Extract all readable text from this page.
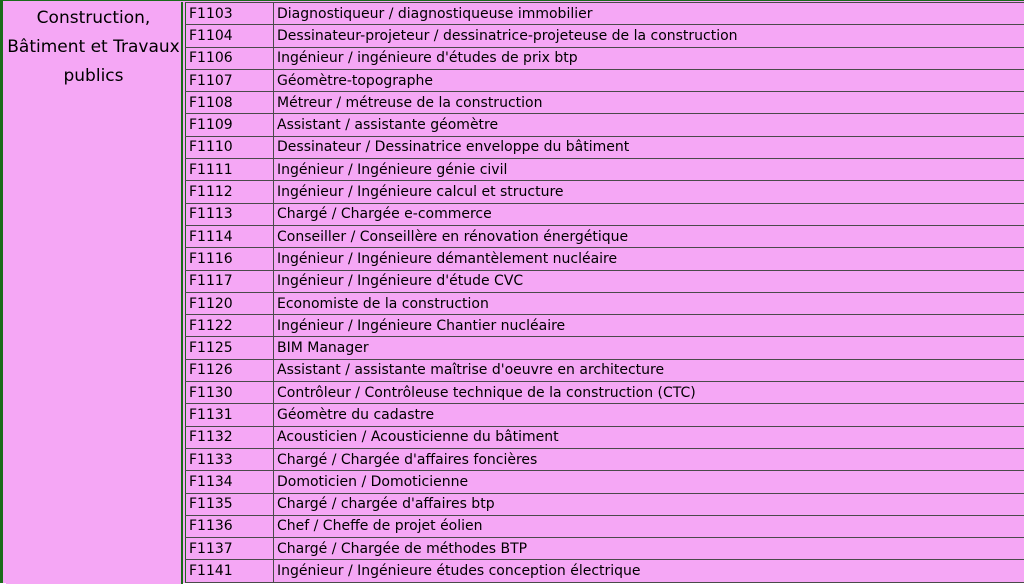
Construction,
Bâtiment et Travaux
publics
F1103	Diagnostiqueur / diagnostiqueuse immobilier
F1104	Dessinateur-projeteur / dessinatrice-projeteuse de la construction
F1106	Ingénieur / ingénieure d'études de prix btp
F1107	Géomètre-topographe
F1108	Métreur / métreuse de la construction
F1109	Assistant / assistante géomètre
F1110	Dessinateur / Dessinatrice enveloppe du bâtiment
F1111	Ingénieur / Ingénieure génie civil
F1112	Ingénieur / Ingénieure calcul et structure
F1113	Chargé / Chargée e-commerce
F1114	Conseiller / Conseillère en rénovation énergétique
F1116	Ingénieur / Ingénieure démantèlement nucléaire
F1117	Ingénieur / Ingénieure d'étude CVC
F1120	Economiste de la construction
F1122	Ingénieur / Ingénieure Chantier nucléaire
F1125	BIM Manager
F1126	Assistant / assistante maîtrise d'oeuvre en architecture
F1130	Contrôleur / Contrôleuse technique de la construction (CTC)
F1131	Géomètre du cadastre
F1132	Acousticien / Acousticienne du bâtiment
F1133	Chargé / Chargée d'affaires foncières
F1134	Domoticien / Domoticienne
F1135	Chargé / chargée d'affaires btp
F1136	Chef / Cheffe de projet éolien
F1137	Chargé / Chargée de méthodes BTP
F1141	Ingénieur / Ingénieure études conception électrique
